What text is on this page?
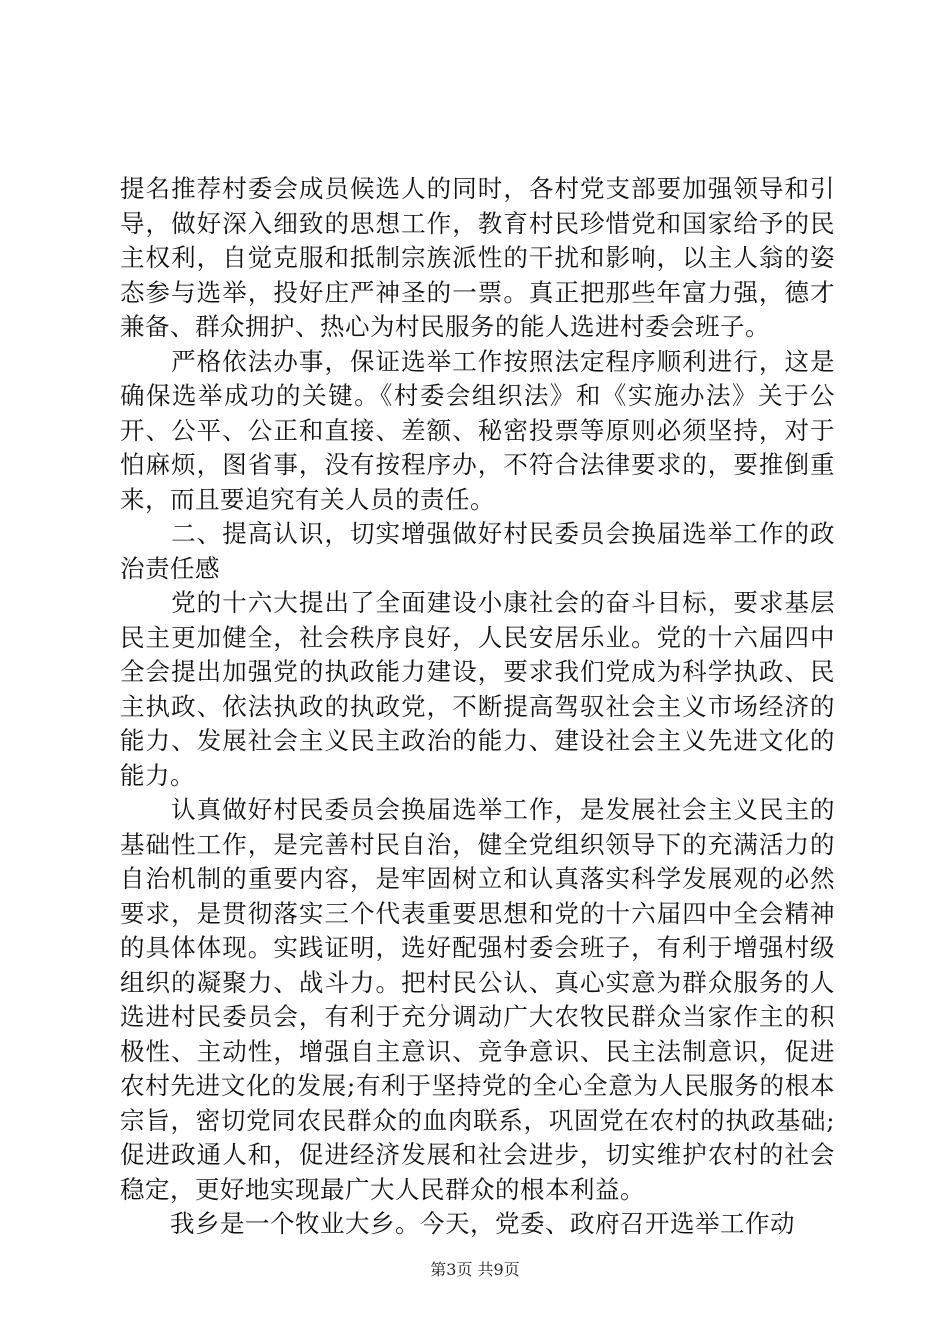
提名推荐村委会成员候选人的同时，各村党支部要加强领导和引导，做好深入细致的思想工作，教育村民珍惜党和国家给予的民主权利，自觉克服和抵制宗族派性的干扰和影响，以主人翁的姿态参与选举，投好庄严神圣的一票。真正把那些年富力强，德才兼备、群众拥护、热心为村民服务的能人选进村委会班子。

　　严格依法办事，保证选举工作按照法定程序顺利进行，这是确保选举成功的关键。《村委会组织法》和《实施办法》关于公开、公平、公正和直接、差额、秘密投票等原则必须坚持，对于怕麻烦，图省事，没有按程序办，不符合法律要求的，要推倒重来，而且要追究有关人员的责任。

　　二、提高认识，切实增强做好村民委员会换届选举工作的政治责任感

　　党的十六大提出了全面建设小康社会的奋斗目标，要求基层民主更加健全，社会秩序良好，人民安居乐业。党的十六届四中全会提出加强党的执政能力建设，要求我们党成为科学执政、民主执政、依法执政的执政党，不断提高驾驭社会主义市场经济的能力、发展社会主义民主政治的能力、建设社会主义先进文化的能力。

　　认真做好村民委员会换届选举工作，是发展社会主义民主的基础性工作，是完善村民自治，健全党组织领导下的充满活力的自治机制的重要内容，是牢固树立和认真落实科学发展观的必然要求，是贯彻落实三个代表重要思想和党的十六届四中全会精神的具体体现。实践证明，选好配强村委会班子，有利于增强村级组织的凝聚力、战斗力。把村民公认、真心实意为群众服务的人选进村民委员会，有利于充分调动广大农牧民群众当家作主的积极性、主动性，增强自主意识、竞争意识、民主法制意识，促进农村先进文化的发展;有利于坚持党的全心全意为人民服务的根本宗旨，密切党同农民群众的血肉联系，巩固党在农村的执政基础;促进政通人和，促进经济发展和社会进步，切实维护农村的社会稳定，更好地实现最广大人民群众的根本利益。

　　我乡是一个牧业大乡。今天，党委、政府召开选举工作动

第3页 共9页
